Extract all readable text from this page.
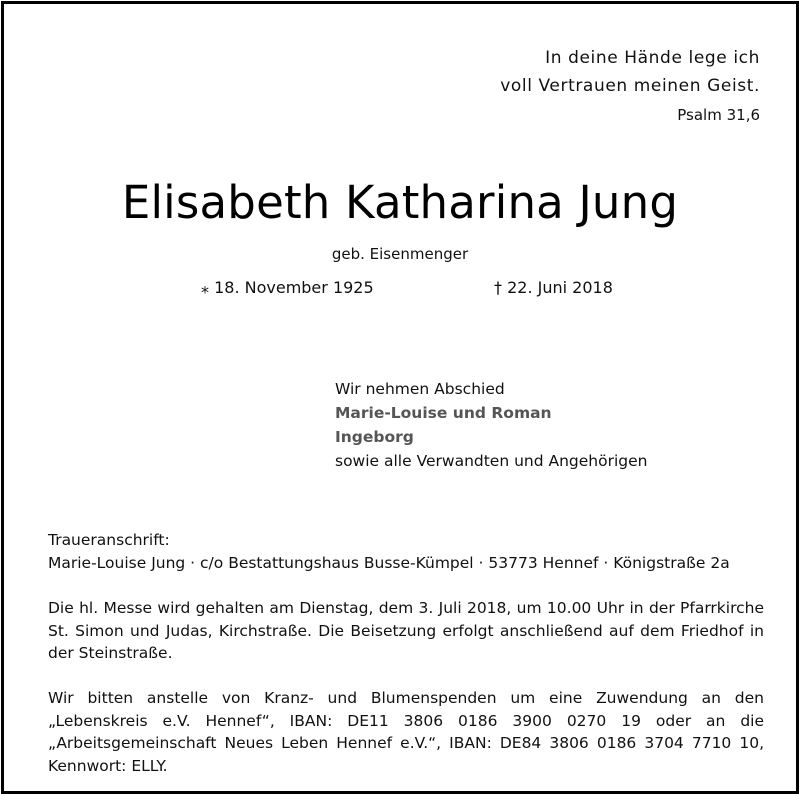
In deine Hände lege ich
voll Vertrauen meinen Geist.
Psalm 31,6
Elisabeth Katharina Jung
geb. Eisenmenger
⁎ 18. November 1925	† 22. Juni 2018
Wir nehmen Abschied
Marie-Louise und Roman
Ingeborg
sowie alle Verwandten und Angehörigen
Traueranschrift:
Marie-Louise Jung · c/o Bestattungshaus Busse-Kümpel · 53773 Hennef · Königstraße 2a
Die hl. Messe wird gehalten am Dienstag, dem 3. Juli 2018, um 10.00 Uhr in der Pfarrkirche St. Simon und Judas, Kirchstraße. Die Beisetzung erfolgt anschließend auf dem Friedhof in der Steinstraße.
Wir bitten anstelle von Kranz- und Blumenspenden um eine Zuwendung an den „Lebenskreis e.V. Hennef“, IBAN: DE11 3806 0186 3900 0270 19 oder an die „Arbeitsgemeinschaft Neues Leben Hennef e.V.“, IBAN: DE84 3806 0186 3704 7710 10, Kennwort: ELLY.
